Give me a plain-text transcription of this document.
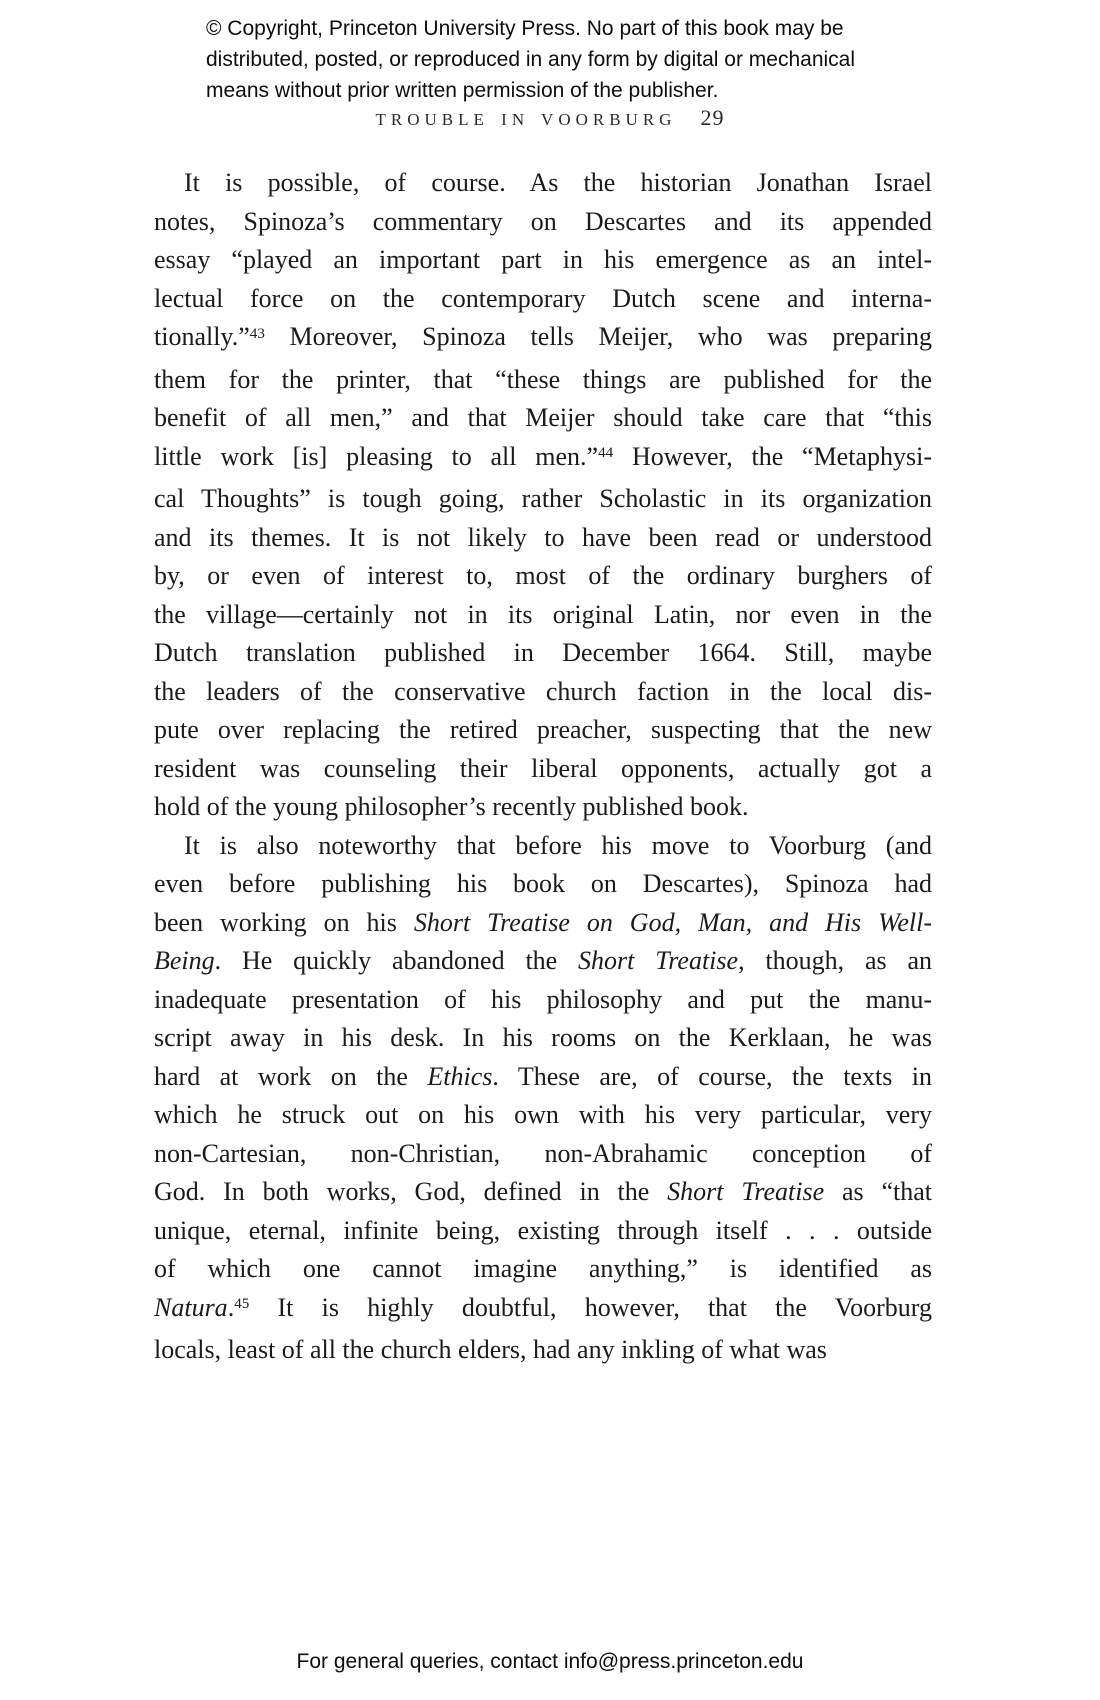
© Copyright, Princeton University Press. No part of this book may be
distributed, posted, or reproduced in any form by digital or mechanical
means without prior written permission of the publisher.
TROUBLE IN VOORBURG 29
It is possible, of course. As the historian Jonathan Israel
notes, Spinoza’s commentary on Descartes and its appended
essay “played an important part in his emergence as an intel-
lectual force on the contemporary Dutch scene and interna-
tionally.”$^{43}$ Moreover, Spinoza tells Meijer, who was preparing
them for the printer, that “these things are published for the
benefit of all men,” and that Meijer should take care that “this
little work [is] pleasing to all men.”$^{44}$ However, the “Metaphysi-
cal Thoughts” is tough going, rather Scholastic in its organization
and its themes. It is not likely to have been read or understood
by, or even of interest to, most of the ordinary burghers of
the village—certainly not in its original Latin, nor even in the
Dutch translation published in December 1664. Still, maybe
the leaders of the conservative church faction in the local dis-
pute over replacing the retired preacher, suspecting that the new
resident was counseling their liberal opponents, actually got a
hold of the young philosopher’s recently published book.
It is also noteworthy that before his move to Voorburg (and
even before publishing his book on Descartes), Spinoza had
been working on his Short Treatise on God, Man, and His Well-
Being. He quickly abandoned the Short Treatise, though, as an
inadequate presentation of his philosophy and put the manu-
script away in his desk. In his rooms on the Kerklaan, he was
hard at work on the Ethics. These are, of course, the texts in
which he struck out on his own with his very particular, very
non-Cartesian, non-Christian, non-Abrahamic conception of
God. In both works, God, defined in the Short Treatise as “that
unique, eternal, infinite being, existing through itself . . . outside
of which one cannot imagine anything,” is identified as
Natura.$^{45}$ It is highly doubtful, however, that the Voorburg
locals, least of all the church elders, had any inkling of what was
For general queries, contact info@press.princeton.edu
